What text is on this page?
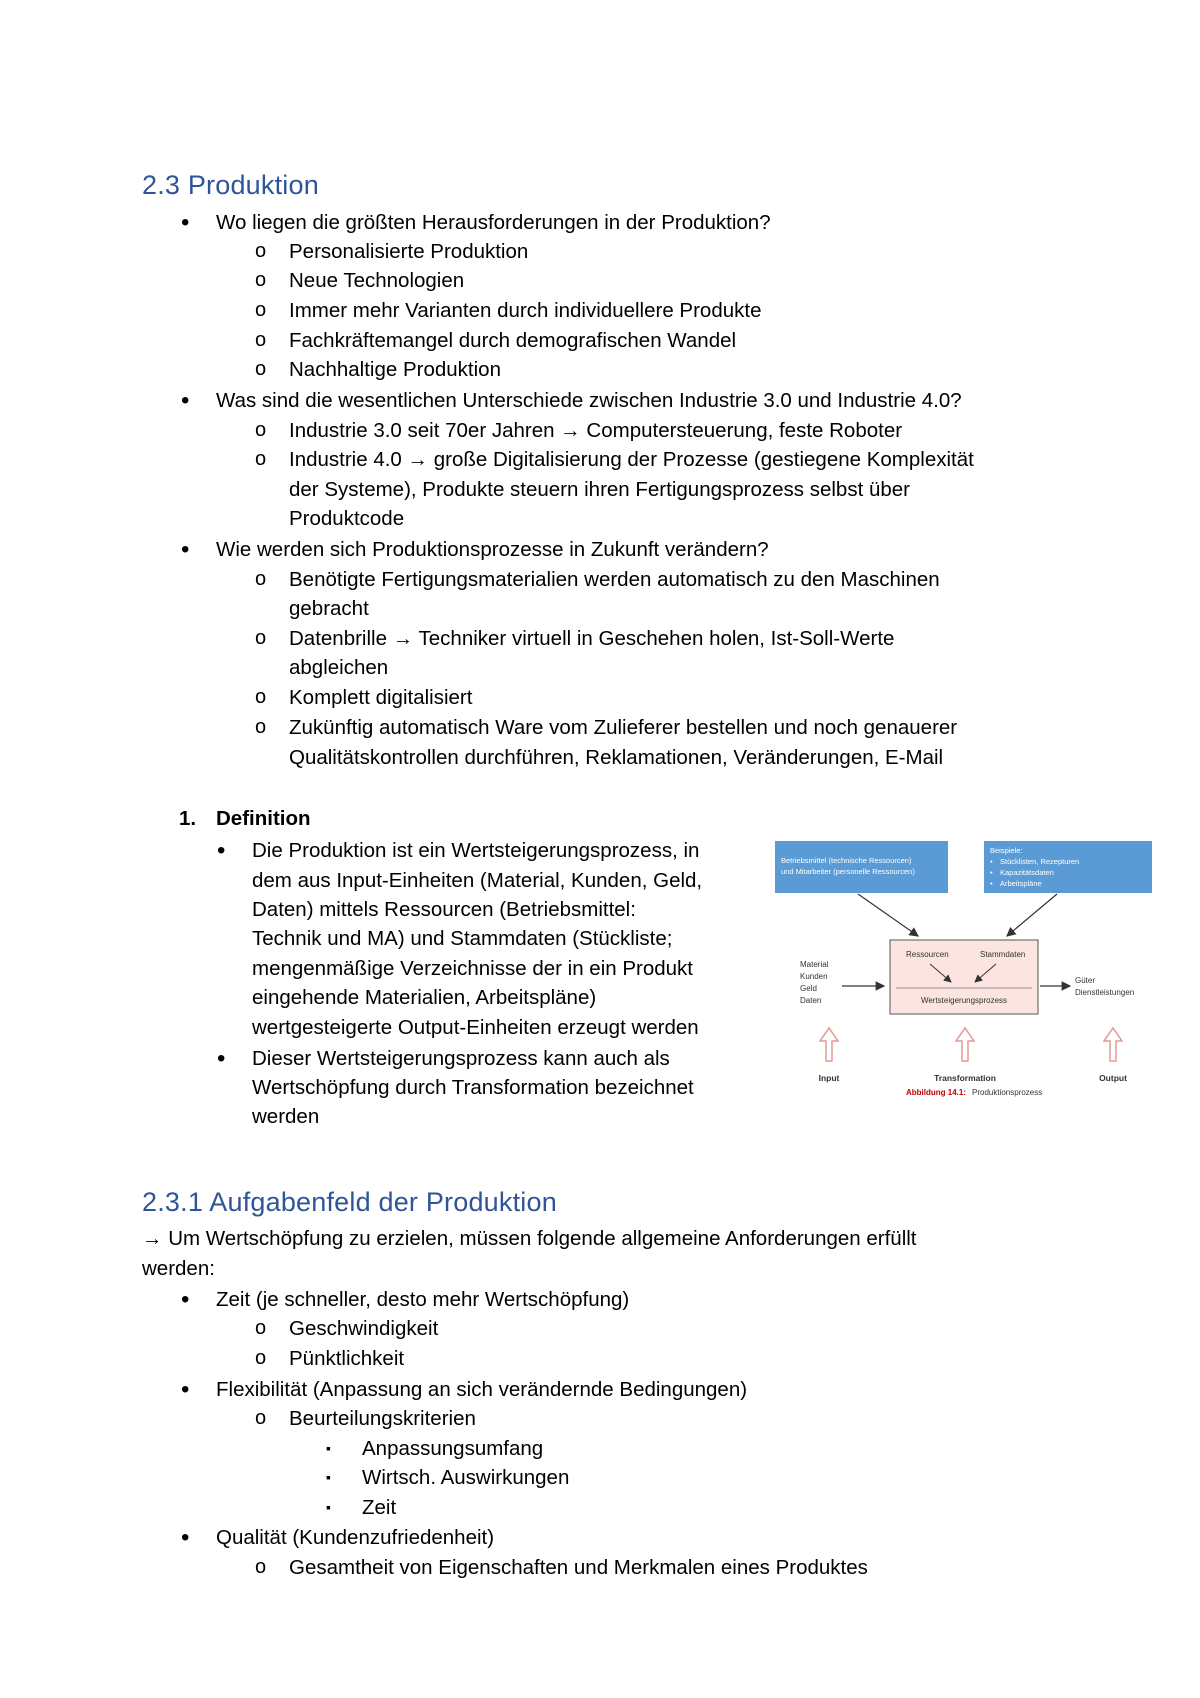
2.3 Produktion
• Wo liegen die größten Herausforderungen in der Produktion?
o Personalisierte Produktion
o Neue Technologien
o Immer mehr Varianten durch individuellere Produkte
o Fachkräftemangel durch demografischen Wandel
o Nachhaltige Produktion
• Was sind die wesentlichen Unterschiede zwischen Industrie 3.0 und Industrie 4.0?
o Industrie 3.0 seit 70er Jahren → Computersteuerung, feste Roboter
o Industrie 4.0 → große Digitalisierung der Prozesse (gestiegene Komplexität
der Systeme), Produkte steuern ihren Fertigungsprozess selbst über
Produktcode
• Wie werden sich Produktionsprozesse in Zukunft verändern?
o Benötigte Fertigungsmaterialien werden automatisch zu den Maschinen
gebracht
o Datenbrille → Techniker virtuell in Geschehen holen, Ist-Soll-Werte
abgleichen
o Komplett digitalisiert
o Zukünftig automatisch Ware vom Zulieferer bestellen und noch genauerer
Qualitätskontrollen durchführen, Reklamationen, Veränderungen, E-Mail
1. Definition
• Die Produktion ist ein Wertsteigerungsprozess, in
dem aus Input-Einheiten (Material, Kunden, Geld,
Daten) mittels Ressourcen (Betriebsmittel:
Technik und MA) und Stammdaten (Stückliste;
mengenmäßige Verzeichnisse der in ein Produkt
eingehende Materialien, Arbeitspläne)
wertgesteigerte Output-Einheiten erzeugt werden
• Dieser Wertsteigerungsprozess kann auch als
Wertschöpfung durch Transformation bezeichnet
werden
Betriebsmittel (technische Ressourcen)
und Mitarbeiter (personelle Ressourcen)
Beispiele:
• Stücklisten, Rezepturen
• Kapazitätsdaten
• Arbeitspläne
Ressourcen	Stammdaten
Wertsteigerungsprozess
Material
Kunden
Geld
Daten
Güter
Dienstleistungen
Input	Transformation	Output
Abbildung 14.1: Produktionsprozess
2.3.1 Aufgabenfeld der Produktion
→ Um Wertschöpfung zu erzielen, müssen folgende allgemeine Anforderungen erfüllt
werden:
• Zeit (je schneller, desto mehr Wertschöpfung)
o Geschwindigkeit
o Pünktlichkeit
• Flexibilität (Anpassung an sich verändernde Bedingungen)
o Beurteilungskriterien
▪ Anpassungsumfang
▪ Wirtsch. Auswirkungen
▪ Zeit
• Qualität (Kundenzufriedenheit)
o Gesamtheit von Eigenschaften und Merkmalen eines Produktes
